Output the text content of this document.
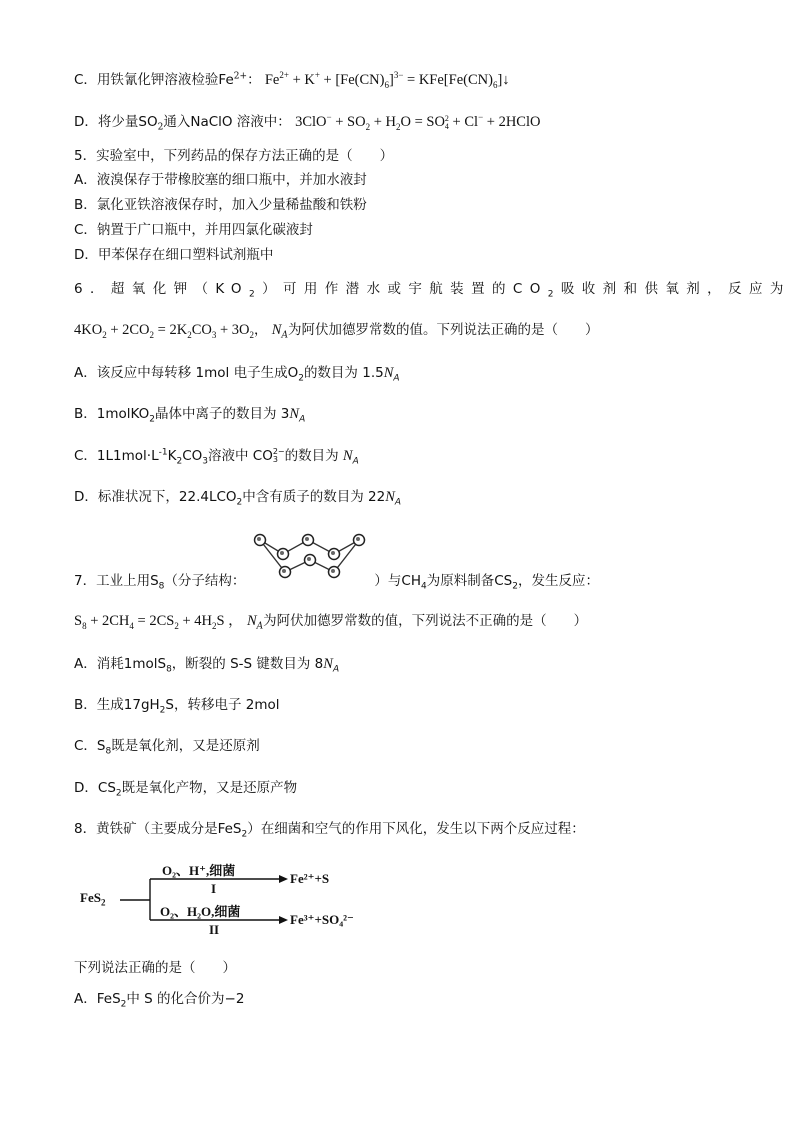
C．用铁氰化钾溶液检验$Fe^{2+}$： $Fe^{2+} + K^+ + [Fe(CN)_6]^{3-}$ = $KFe[Fe(CN)_6]↓$
D．将少量$SO_2$通入NaClO 溶液中： $3ClO^- + SO_2 + H_2O$ = SO 2
4 + Cl− + 2HClO
5．实验室中，下列药品的保存方法正确的是（　　）
A．液溴保存于带橡胶塞的细口瓶中，并加水液封
B．氯化亚铁溶液保存时，加入少量稀盐酸和铁粉
C．钠置于广口瓶中，并用四氯化碳液封
D．甲苯保存在细口塑料试剂瓶中
6．超氧化钾$(KO_2)$可用作潜水或宇航装置的$CO_2$吸收剂和供氧剂，反应为
$4KO_2 + 2CO_2 = 2K_2CO_3 + 3O_2$， $N_A$为阿伏加德罗常数的值。下列说法正确的是（　　）
A．该反应中每转移 1mol 电子生成$O_2$的数目为 $1.5N_A$
B．1molKO$_2$晶体中离子的数目为 $3N_A$
C．$1L1mol\cdot L^{-1}K_2CO_3$溶液中 CO 2−
3 的数目为 $N_A$
D．标准状况下，$22.4LCO_2$中含有质子的数目为 $22N_A$
7．工业上用$S_8$（分子结构：	）与$CH_4$为原料制备$CS_2$，发生反应：
$S_8 + 2CH_4 = 2CS_2 + 4H_2S$ ， $N_A$为阿伏加德罗常数的值，下列说法不正确的是（　　）
A．消耗1molS$_8$，断裂的 S-S 键数目为 $8N_A$
B．生成$17gH_2S$，转移电子 2mol
C．$S_8$既是氧化剂，又是还原剂
D．$CS_2$既是氧化产物，又是还原产物
8．黄铁矿（主要成分是FeS$_2$）在细菌和空气的作用下风化，发生以下两个反应过程：
FeS$_2$
O₂、H⁺,细菌
I
Fe²⁺+S
O₂、H₂O,细菌
II
Fe³⁺+SO₄²⁻
下列说法正确的是（　　）
A．FeS$_2$中 S 的化合价为−2
